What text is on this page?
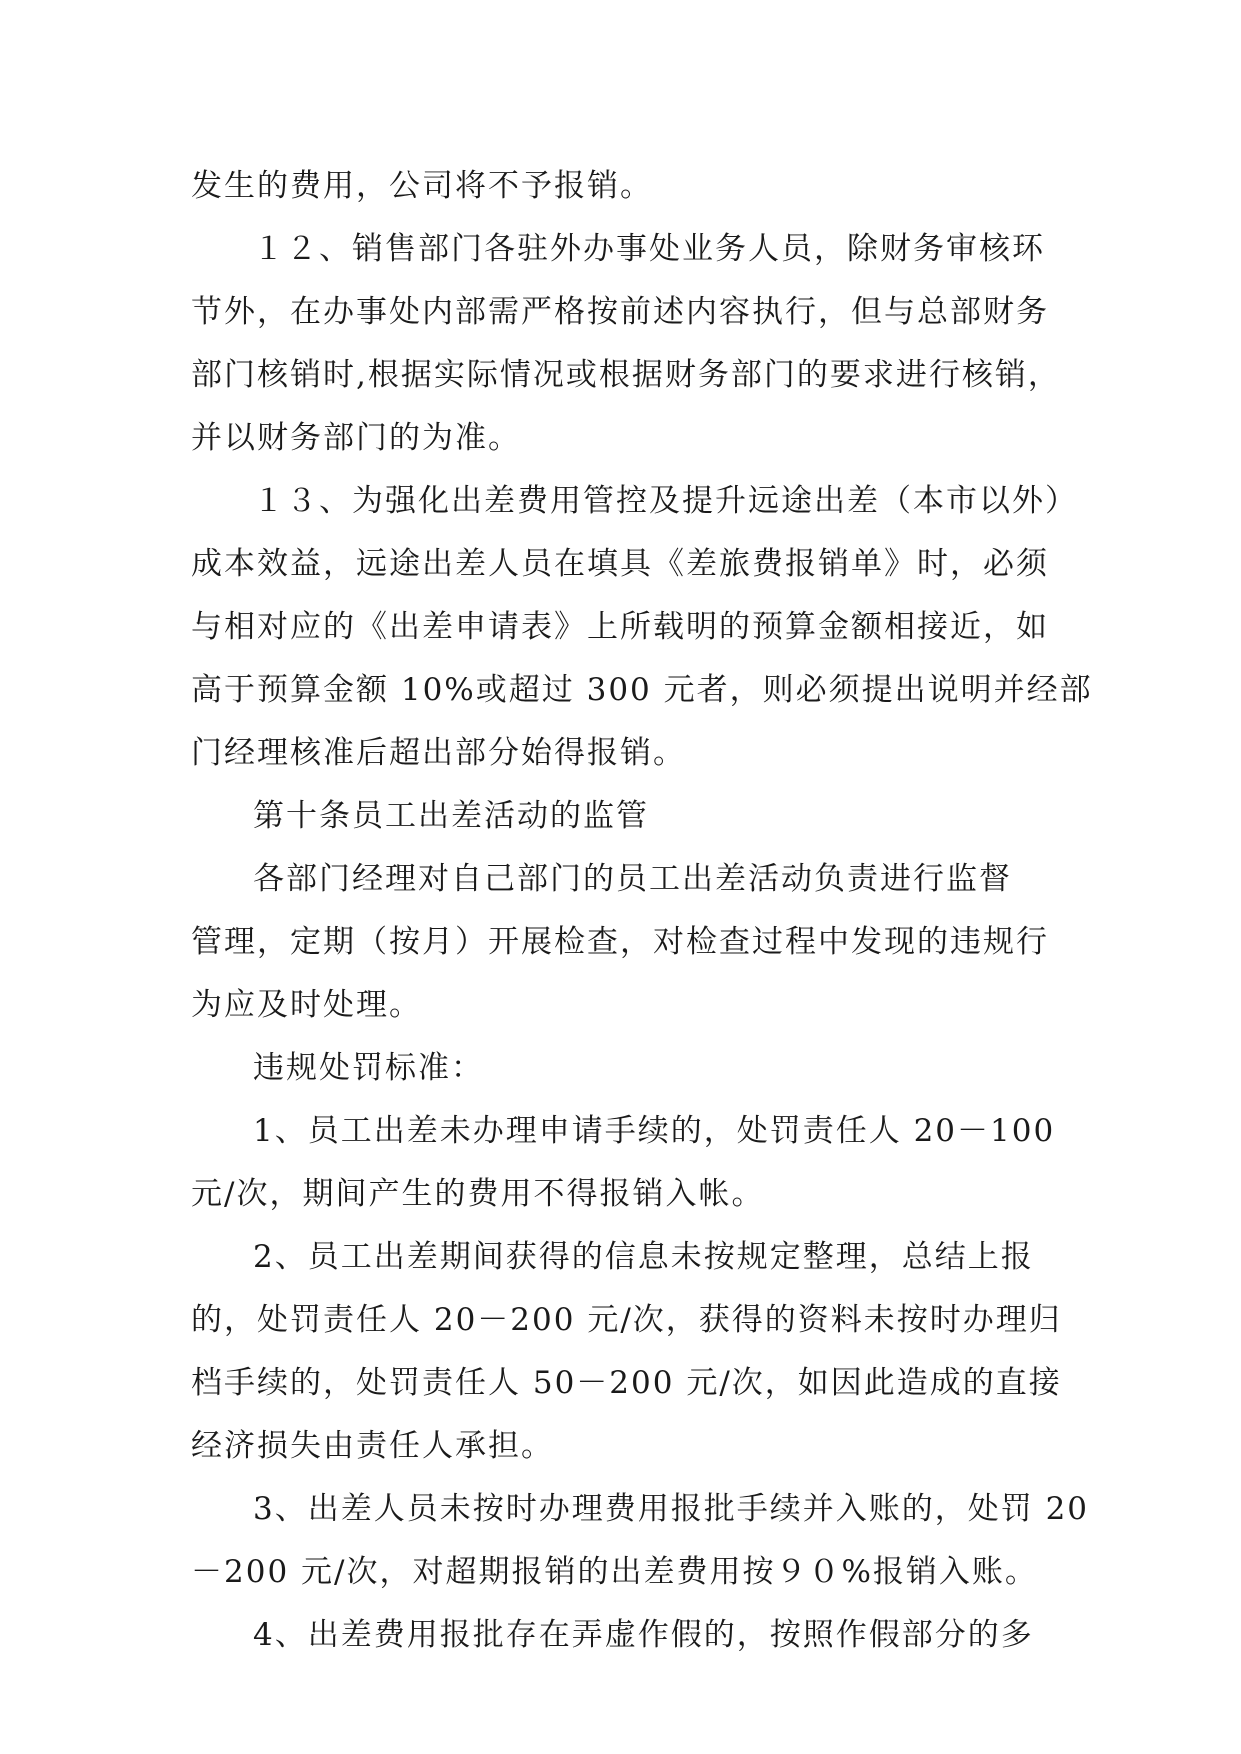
发生的费用，公司将不予报销。
１２、销售部门各驻外办事处业务人员，除财务审核环
节外，在办事处内部需严格按前述内容执行，但与总部财务
部门核销时,根据实际情况或根据财务部门的要求进行核销，
并以财务部门的为准。
１３、为强化出差费用管控及提升远途出差（本市以外）
成本效益，远途出差人员在填具《差旅费报销单》时，必须
与相对应的《出差申请表》上所载明的预算金额相接近，如
高于预算金额 10%或超过 300 元者，则必须提出说明并经部
门经理核准后超出部分始得报销。
第十条员工出差活动的监管
各部门经理对自己部门的员工出差活动负责进行监督
管理，定期（按月）开展检查，对检查过程中发现的违规行
为应及时处理。
违规处罚标准：
1、员工出差未办理申请手续的，处罚责任人 20－100
元/次，期间产生的费用不得报销入帐。
2、员工出差期间获得的信息未按规定整理，总结上报
的，处罚责任人 20－200 元/次，获得的资料未按时办理归
档手续的，处罚责任人 50－200 元/次，如因此造成的直接
经济损失由责任人承担。
3、出差人员未按时办理费用报批手续并入账的，处罚 20
－200 元/次，对超期报销的出差费用按９０%报销入账。
4、出差费用报批存在弄虚作假的，按照作假部分的多
